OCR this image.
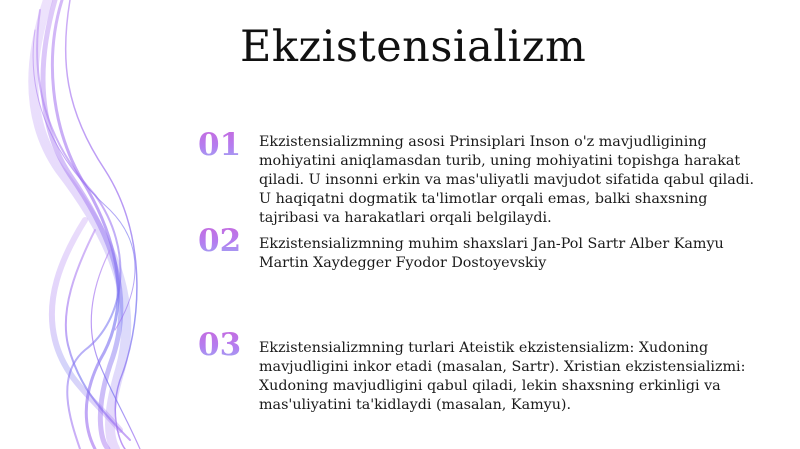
Ekzistensializm
01	Ekzistensializmning asosi Prinsiplari Inson o'z mavjudligining mohiyatini aniqlamasdan turib, uning mohiyatini topishga harakat qiladi. U insonni erkin va mas'uliyatli mavjudot sifatida qabul qiladi. U haqiqatni dogmatik ta'limotlar orqali emas, balki shaxsning tajribasi va harakatlari orqali belgilaydi.
02	Ekzistensializmning muhim shaxslari Jan-Pol Sartr Alber Kamyu Martin Xaydegger Fyodor Dostoyevskiy
03	Ekzistensializmning turlari Ateistik ekzistensializm: Xudoning mavjudligini inkor etadi (masalan, Sartr). Xristian ekzistensializmi: Xudoning mavjudligini qabul qiladi, lekin shaxsning erkinligi va mas'uliyatini ta'kidlaydi (masalan, Kamyu).
